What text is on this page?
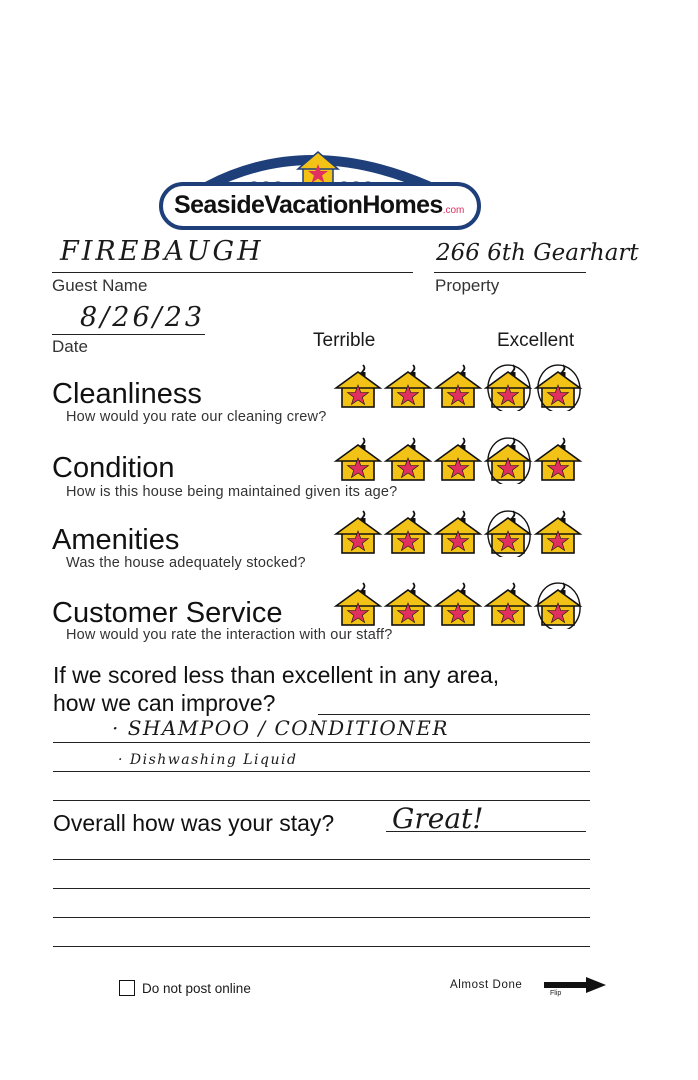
SeasideVacationHomes.com
FIREBAUGH
Guest Name
266 6th Gearhart
Property
8/26/23
Date	Terrible	Excellent
Cleanliness
How would you rate our cleaning crew?
Condition
How is this house being maintained given its age?
Amenities
Was the house adequately stocked?
Customer Service
How would you rate the interaction with our staff?
If we scored less than excellent in any area,
how we can improve?
· SHAMPOO / CONDITIONER
· Dishwashing Liquid
Overall how was your stay? Great!
Do not post online	Almost Done
Flip
